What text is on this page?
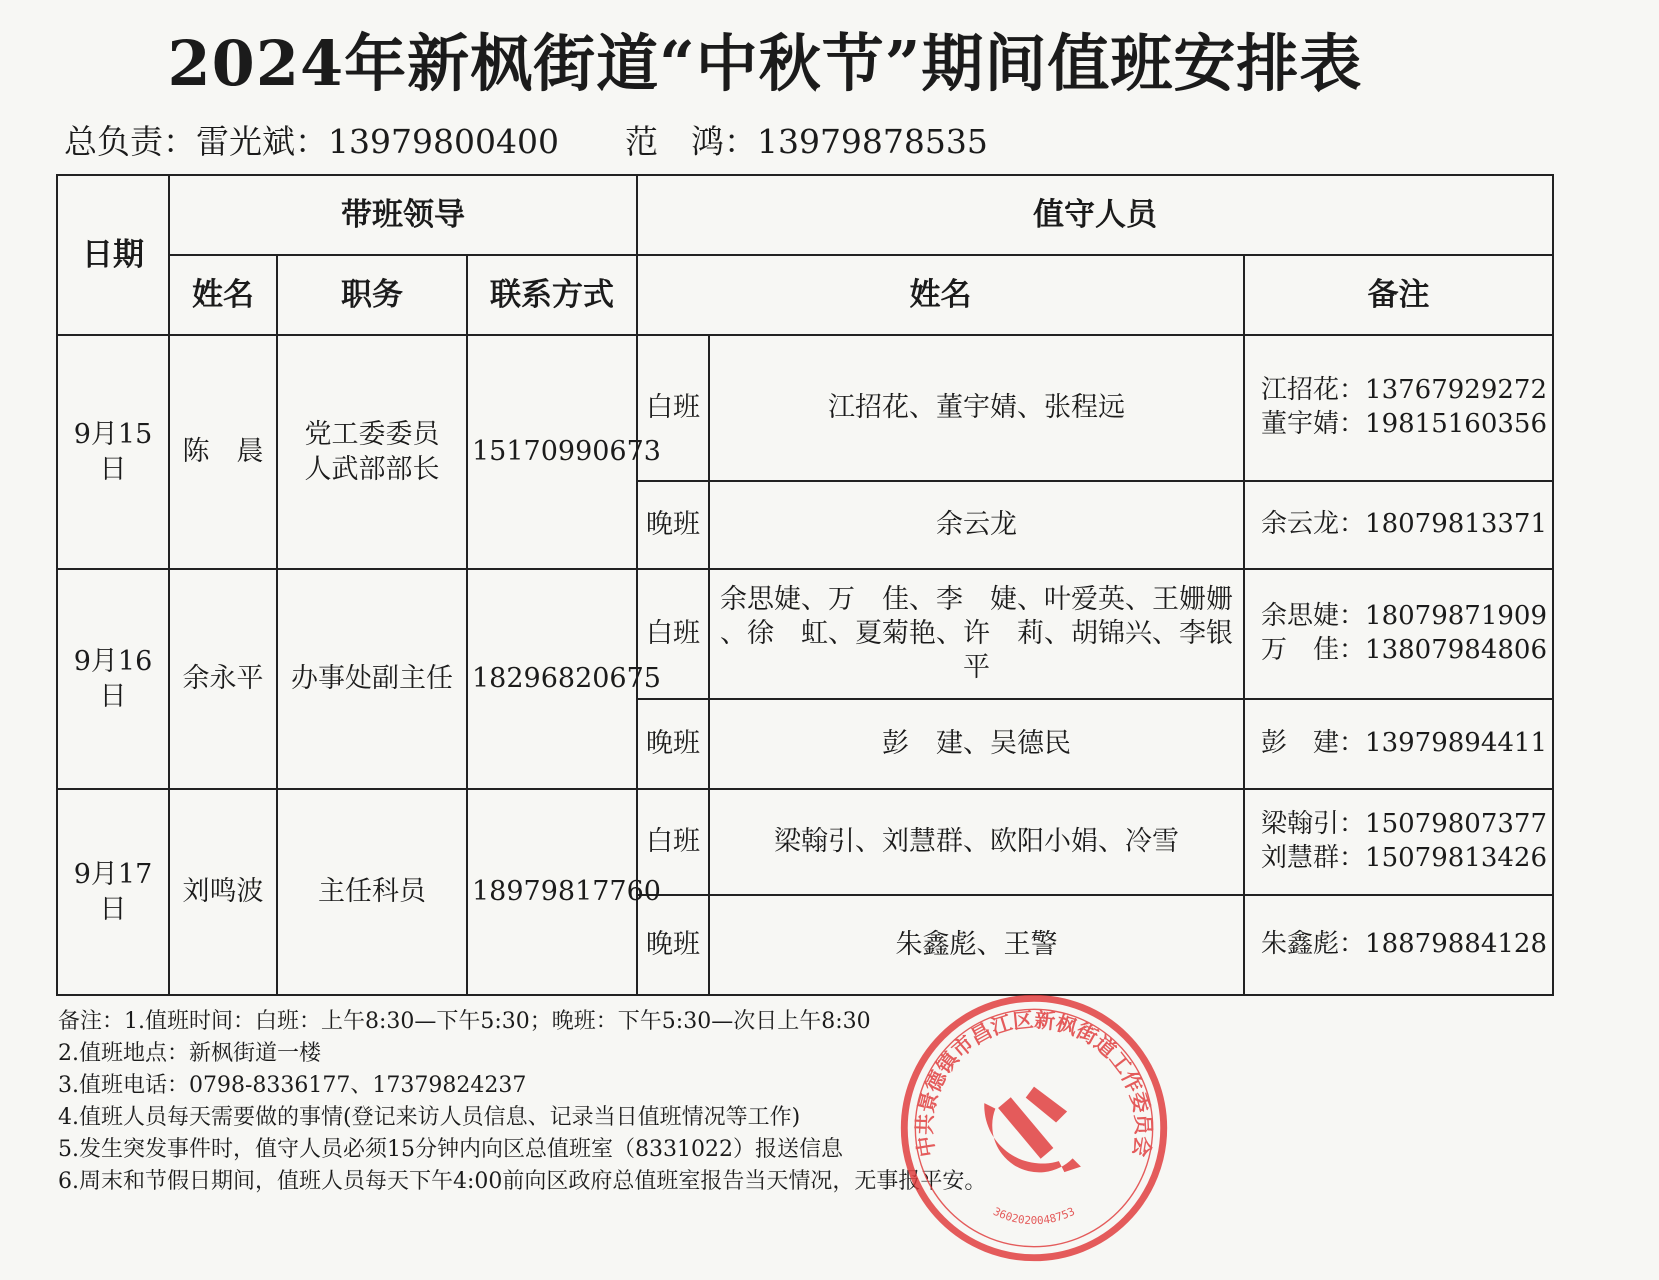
2024年新枫街道“中秋节”期间值班安排表
总负责：雷光斌：13979800400 范　鸿：13979878535
日期	带班领导			值守人员		
	姓名	职务	联系方式	姓名		备注
9月15日	陈　晨	党工委委员
人武部部长	15170990673	白班	江招花、董宇婧、张程远	江招花：13767929272
董宇婧：19815160356

				晚班	余云龙	余云龙：18079813371
9月16日	余永平	办事处副主任	18296820675	白班	余思婕、万　佳、李　婕、叶爱英、王姗姗
、徐　虹、夏菊艳、许　莉、胡锦兴、李银
平	余思婕：18079871909
万　佳：13807984806

				晚班	彭　建、吴德民	彭　建：13979894411
9月17日	刘鸣波	主任科员	18979817760	白班	梁翰引、刘慧群、欧阳小娟、冷雪	梁翰引：15079807377
刘慧群：15079813426

				晚班	朱鑫彪、王警	朱鑫彪：18879884128
备注：1.值班时间：白班：上午8:30—下午5:30；晚班：下午5:30—次日上午8:30
2.值班地点：新枫街道一楼
3.值班电话：0798-8336177、17379824237
4.值班人员每天需要做的事情(登记来访人员信息、记录当日值班情况等工作)
5.发生突发事件时，值守人员必须15分钟内向区总值班室（8331022）报送信息
6.周末和节假日期间，值班人员每天下午4:00前向区政府总值班室报告当天情况，无事报平安。
中共景德镇市昌江区新枫街道工作委员会
3602020048753
